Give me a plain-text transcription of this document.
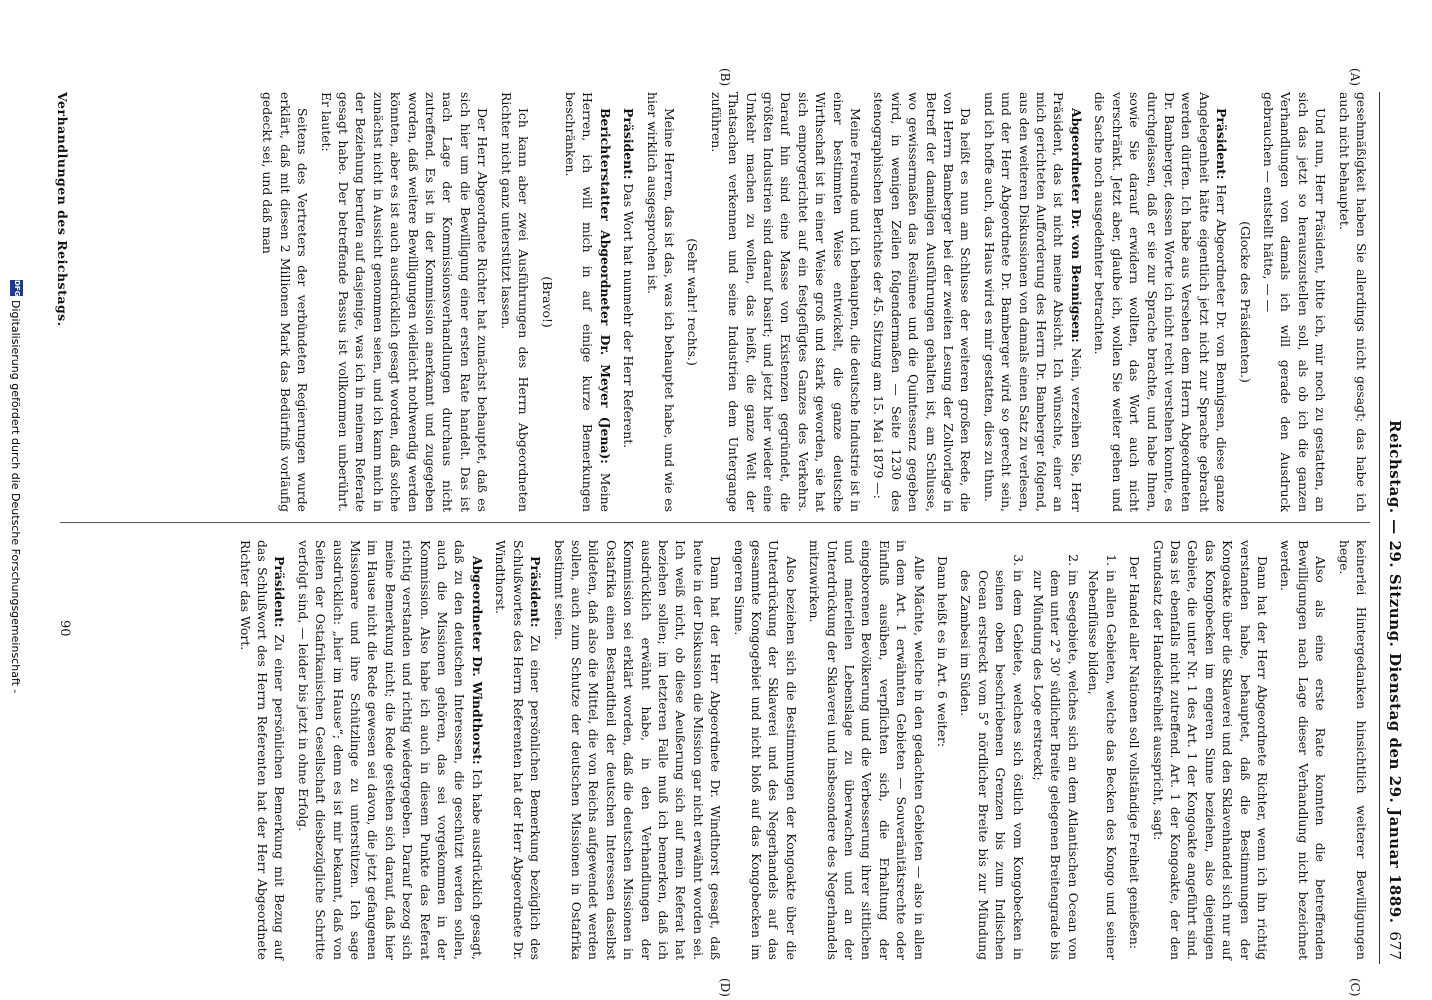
Reichstag. — 29. Sitzung. Dienstag den 29. Januar 1889.
677
(A)
(B)
(C)
(D)

gesehmäßigkeit haben Sie allerdings nicht gesagt; das habe ich auch nicht behauptet.

Und nun, Herr Präsident, bitte ich, mir noch zu gestatten, an sich das jetzt so herauszustellen soll, als ob ich die ganzen Verhandlungen von damals ich will gerade den Ausdruck gebrauchen — entstellt hätte, — —

(Glocke des Präsidenten.)

Präsident: Herr Abgeordneter Dr. von Bennigsen, diese ganze Angelegenheit hätte eigentlich jetzt nicht zur Sprache gebracht werden dürfen. Ich habe aus Versehen dem Herrn Abgeordneten Dr. Bamberger, dessen Worte ich nicht recht verstehen konnte, es durchgelassen, daß er sie zur Sprache brachte, und habe Ihnen, sowie Sie darauf erwidern wollten, das Wort auch nicht verschränkt. Jetzt aber, glaube ich, wollen Sie weiter gehen und die Sache noch ausgedehnter betrachten.

Abgeordneter Dr. von Bennigsen: Nein, verzeihen Sie, Herr Präsident, das ist nicht meine Absicht. Ich wünschte, einer an mich gerichteten Aufforderung des Herrn Dr. Bamberger folgend, aus den weiteren Diskussionen von damals einen Satz zu verlesen, und der Herr Abgeordnete Dr. Bamberger wird so gerecht sein, und ich hoffe auch, das Haus wird es mir gestatten, dies zu thun.

Da heißt es nun am Schlusse der weiteren großen Rede, die von Herrn Bamberger bei der zweiten Lesung der Zollvorlage in Betreff der damaligen Ausführungen gehalten ist, am Schlusse, wo gewissermaßen das Resümee und die Quintessenz gegeben wird, in wenigen Zeilen folgendermaßen — Seite 1230 des stenographischen Berichtes der 45. Sitzung am 15. Mai 1879 —:

Meine Freunde und ich behaupten, die deutsche Industrie ist in einer bestimmten Weise entwickelt, die ganze deutsche Wirthschaft ist in einer Weise groß und stark geworden, sie hat sich emporgerichtet auf ein festgefügtes Ganzes des Verkehrs. Darauf hin sind eine Masse von Existenzen gegründet, die größten Industrien sind darauf basirt; und jetzt hier wieder eine Umkehr machen zu wollen, das heißt, die ganze Welt der Thatsachen verkennen und seine Industrien dem Untergange zuführen.

(Sehr wahr! rechts.)

Meine Herren, das ist das, was ich behauptet habe, und wie es hier wirklich ausgesprochen ist.

Präsident: Das Wort hat nunmehr der Herr Referent.

Berichterstatter Abgeordneter Dr. Meyer (Jena): Meine Herren, ich will mich in auf einige kurze Bemerkungen beschränken.

(Bravo!)

Ich kann aber zwei Ausführungen des Herrn Abgeordneten Richter nicht ganz unterstützt lassen.

Der Herr Abgeordnete Richter hat zunächst behauptet, daß es sich hier um die Bewilligung einer ersten Rate handelt. Das ist nach Lage der Kommissionsverhandlungen durchaus nicht zutreffend. Es ist in der Kommission anerkannt und zugegeben worden, daß weitere Bewilligungen vielleicht nothwendig werden könnten, aber es ist auch ausdrücklich gesagt worden, daß solche zunächst nicht in Aussicht genommen seien, und ich kann mich in der Beziehung berufen auf dasjenige, was ich in meinem Referate gesagt habe. Der betreffende Passus ist vollkommen unberührt. Er lautet:

Seitens des Vertreters der verbündeten Regierungen wurde erklärt, daß mit diesen 2 Millionen Mark das Bedürfniß vorläufig gedeckt sei, und daß man

keinerlei Hintergedanken hinsichtlich weiterer Bewilligungen hege.

Also als eine erste Rate konnten die betreffenden Bewilligungen nach Lage dieser Verhandlung nicht bezeichnet werden.

Dann hat der Herr Abgeordnete Richter, wenn ich ihn richtig verstanden habe, behauptet, daß die Bestimmungen der Kongoakte über die Sklaverei und den Sklavenhandel sich nur auf das Kongobecken im engeren Sinne beziehen, also diejenigen Gebiete, die unter Nr. 1 des Art. 1 der Kongoakte angeführt sind. Das ist ebenfalls nicht zutreffend. Art. 1 der Kongoakte, der den Grundsatz der Handelsfreiheit ausspricht, sagt:

Der Handel aller Nationen soll vollständige Freiheit genießen:

1. in allen Gebieten, welche das Becken des Kongo und seiner Nebenflüsse bilden,
2. im Seegebiete, welches sich an dem Atlantischen Ocean von dem unter 2° 30' südlicher Breite gelegenen Breitengrade bis zur Mündung des Loge erstreckt;
3. in dem Gebiete, welches sich östlich vom Kongobecken in seinen oben beschriebenen Grenzen bis zum Indischen Ocean erstreckt vom 5° nördlicher Breite bis zur Mündung des Zambesi im Süden.

Dann heißt es in Art. 6 weiter:

Alle Mächte, welche in den gedachten Gebieten — also in allen in dem Art. 1 erwähnten Gebieten — Souveränitätsrechte oder Einfluß ausüben, verpflichten sich, die Erhaltung der eingeborenen Bevölkerung und die Verbesserung ihrer sittlichen und materiellen Lebenslage zu überwachen und an der Unterdrückung der Sklaverei und insbesondere des Negerhandels mitzuwirken.

Also beziehen sich die Bestimmungen der Kongoakte über die Unterdrückung der Sklaverei und des Negerhandels auf das gesammte Kongogebiet und nicht bloß auf das Kongobecken im engeren Sinne.

Dann hat der Herr Abgeordnete Dr. Windthorst gesagt, daß heute in der Diskussion die Mission gar nicht erwähnt worden sei. Ich weiß nicht, ob diese Aeußerung sich auf mein Referat hat beziehen sollen; im letzteren Falle muß ich bemerken, daß ich ausdrücklich erwähnt habe, in den Verhandlungen der Kommission sei erklärt worden, daß die deutschen Missionen in Ostafrika einen Bestandtheil der deutschen Interessen daselbst bildeten, daß also die Mittel, die von Reichs aufgewendet werden sollen, auch zum Schutze der deutschen Missionen in Ostafrika bestimmt seien.

Präsident: Zu einer persönlichen Bemerkung bezüglich des Schlußwortes des Herrn Referenten hat der Herr Abgeordnete Dr. Windthorst.

Abgeordneter Dr. Windthorst: Ich habe ausdrücklich gesagt, daß zu den deutschen Interessen, die geschützt werden sollen, auch die Missionen gehören, das sei vorgekommen in der Kommission. Also habe ich auch in diesem Punkte das Referat richtig verstanden und richtig wiedergegeben. Darauf bezog sich meine Bemerkung nicht; die Rede gestehen sich darauf, daß hier im Hause nicht die Rede gewesen sei davon, die jetzt gefangenen Missionare und ihre Schützlinge zu unterstützen. Ich sage ausdrücklich: „hier im Hause“; denn es ist mir bekannt, daß von Seiten der Ostafrikanischen Gesellschaft diesbezügliche Schritte verfolgt sind, — leider bis jetzt in ohne Erfolg.

Präsident: Zu einer persönlichen Bemerkung mit Bezug auf das Schlußwort des Herrn Referenten hat der Herr Abgeordnete Richter das Wort.

Verhandlungen des Reichstags.
90
DFG
Digitalisierung gefördert durch die Deutsche Forschungsgemeinschaft -
